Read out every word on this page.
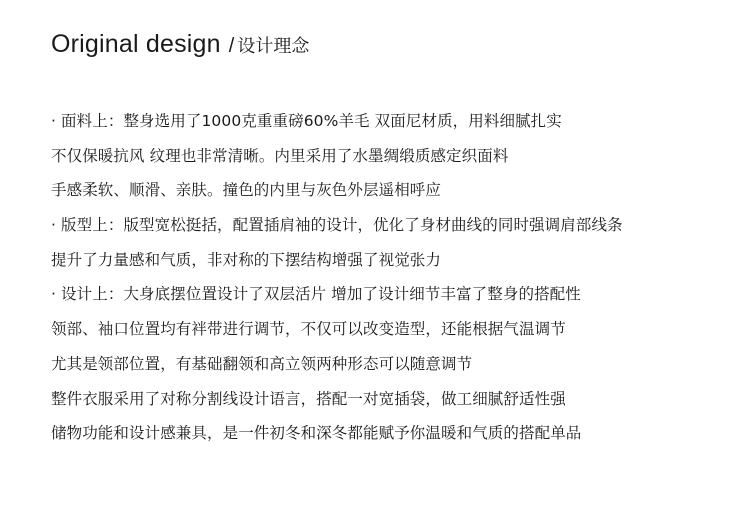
Original design / 设计理念
· 面料上：整身选用了1000克重重磅60%羊毛 双面尼材质，用料细腻扎实
不仅保暖抗风 纹理也非常清晰。内里采用了水墨绸缎质感定织面料
手感柔软、顺滑、亲肤。撞色的内里与灰色外层遥相呼应
· 版型上：版型宽松挺括，配置插肩袖的设计，优化了身材曲线的同时强调肩部线条
提升了力量感和气质，非对称的下摆结构增强了视觉张力
· 设计上：大身底摆位置设计了双层活片 增加了设计细节丰富了整身的搭配性
领部、袖口位置均有袢带进行调节，不仅可以改变造型，还能根据气温调节
尤其是领部位置，有基础翻领和高立领两种形态可以随意调节
整件衣服采用了对称分割线设计语言，搭配一对宽插袋，做工细腻舒适性强
储物功能和设计感兼具，是一件初冬和深冬都能赋予你温暖和气质的搭配单品
